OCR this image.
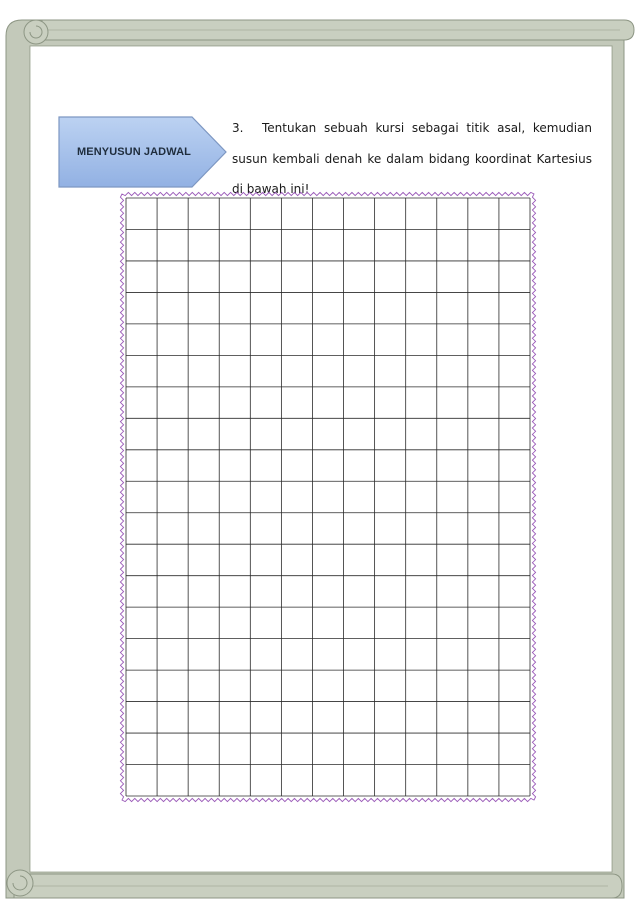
MENYUSUN JADWAL
3. Tentukan sebuah kursi sebagai titik asal, kemudian susun kembali denah ke dalam bidang koordinat Kartesius di bawah ini!
